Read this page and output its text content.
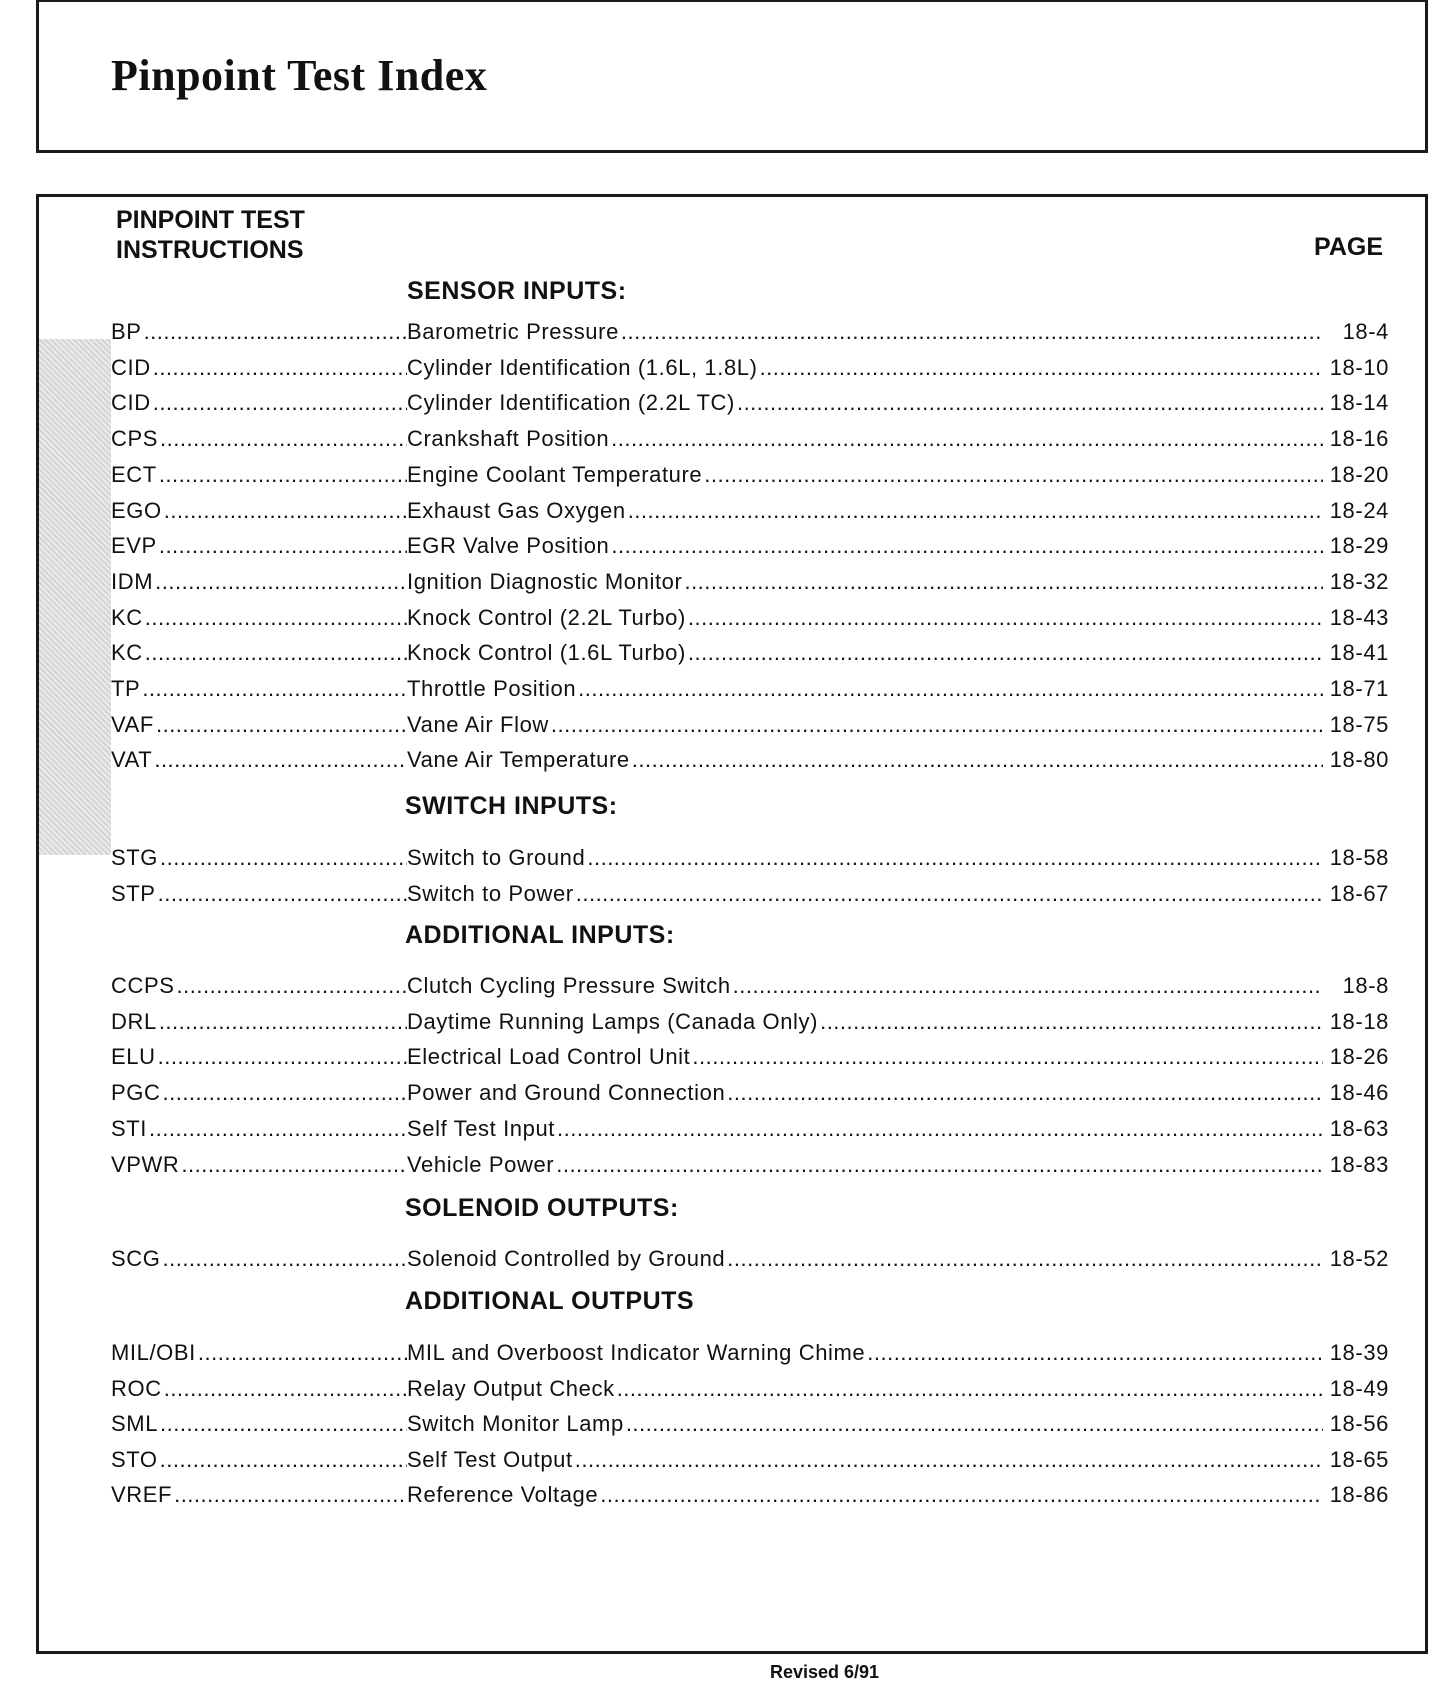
Pinpoint Test Index
PINPOINT TEST
INSTRUCTIONS	PAGE
SENSOR INPUTS:
BP .....	Barometric Pressure .....	18-4
CID .....	Cylinder Identification (1.6L, 1.8L) .....	18-10
CID .....	Cylinder Identification (2.2L TC) .....	18-14
CPS .....	Crankshaft Position .....	18-16
ECT .....	Engine Coolant Temperature .....	18-20
EGO .....	Exhaust Gas Oxygen .....	18-24
EVP .....	EGR Valve Position .....	18-29
IDM .....	Ignition Diagnostic Monitor .....	18-32
KC .....	Knock Control (2.2L Turbo) .....	18-43
KC .....	Knock Control (1.6L Turbo) .....	18-41
TP .....	Throttle Position .....	18-71
VAF .....	Vane Air Flow .....	18-75
VAT .....	Vane Air Temperature .....	18-80
SWITCH INPUTS:
STG .....	Switch to Ground .....	18-58
STP .....	Switch to Power .....	18-67
ADDITIONAL INPUTS:
CCPS .....	Clutch Cycling Pressure Switch .....	18-8
DRL .....	Daytime Running Lamps (Canada Only) .....	18-18
ELU .....	Electrical Load Control Unit .....	18-26
PGC .....	Power and Ground Connection .....	18-46
STI .....	Self Test Input .....	18-63
VPWR .....	Vehicle Power .....	18-83
SOLENOID OUTPUTS:
SCG .....	Solenoid Controlled by Ground .....	18-52
ADDITIONAL OUTPUTS
MIL/OBI .....	MIL and Overboost Indicator Warning Chime .....	18-39
ROC .....	Relay Output Check .....	18-49
SML .....	Switch Monitor Lamp .....	18-56
STO .....	Self Test Output .....	18-65
VREF .....	Reference Voltage .....	18-86
Revised 6/91
